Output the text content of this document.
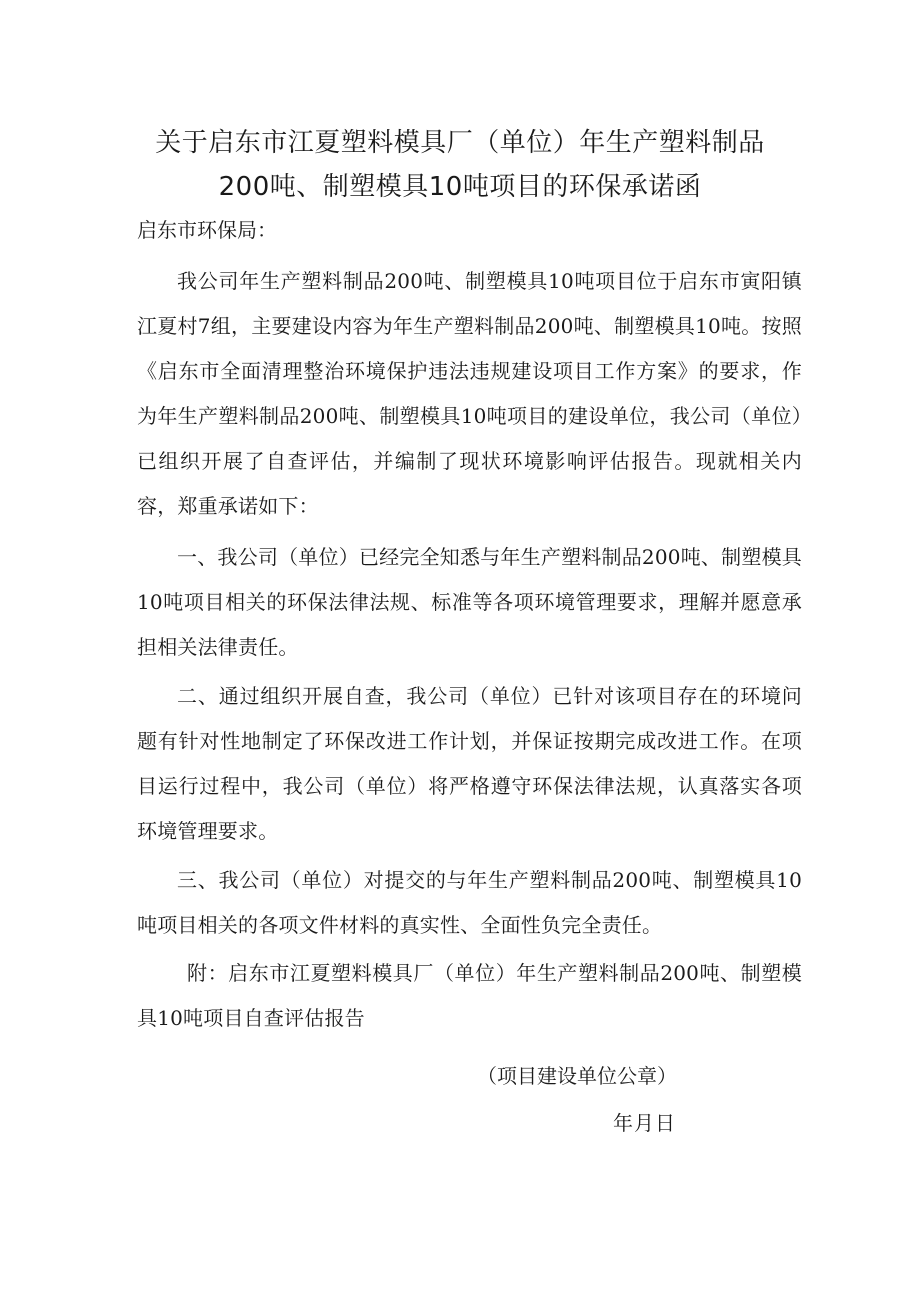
关于启东市江夏塑料模具厂（单位）年生产塑料制品
200吨、制塑模具10吨项目的环保承诺函
启东市环保局：
我公司年生产塑料制品200吨、制塑模具10吨项目位于启东市寅阳镇江夏村7组，主要建设内容为年生产塑料制品200吨、制塑模具10吨。按照《启东市全面清理整治环境保护违法违规建设项目工作方案》的要求，作为年生产塑料制品200吨、制塑模具10吨项目的建设单位，我公司（单位）已组织开展了自查评估，并编制了现状环境影响评估报告。现就相关内容，郑重承诺如下：
一、我公司（单位）已经完全知悉与年生产塑料制品200吨、制塑模具10吨项目相关的环保法律法规、标准等各项环境管理要求，理解并愿意承担相关法律责任。
二、通过组织开展自查，我公司（单位）已针对该项目存在的环境问题有针对性地制定了环保改进工作计划，并保证按期完成改进工作。在项目运行过程中，我公司（单位）将严格遵守环保法律法规，认真落实各项环境管理要求。
三、我公司（单位）对提交的与年生产塑料制品200吨、制塑模具10吨项目相关的各项文件材料的真实性、全面性负完全责任。
附：启东市江夏塑料模具厂（单位）年生产塑料制品200吨、制塑模具10吨项目自查评估报告
（项目建设单位公章）
年月日
